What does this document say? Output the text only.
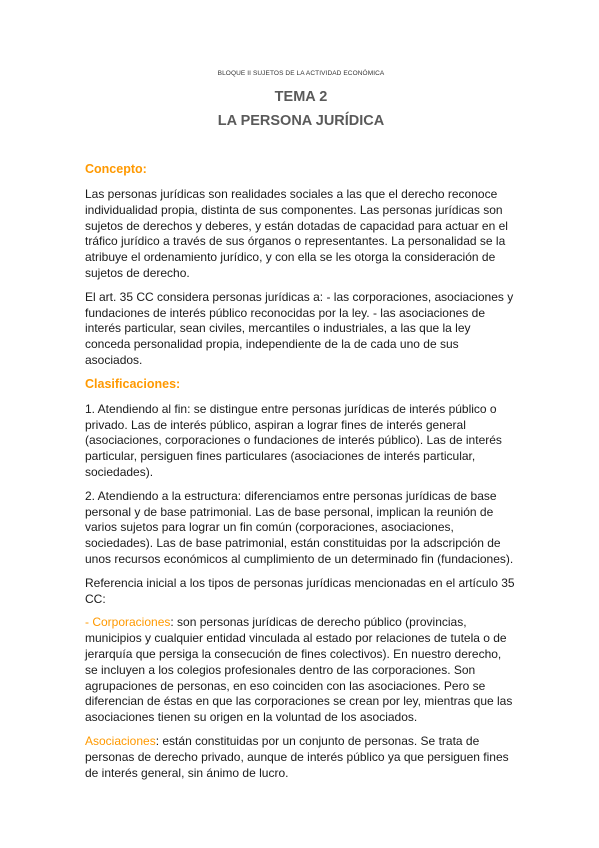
BLOQUE II SUJETOS DE LA ACTIVIDAD ECONÓMICA
TEMA 2
LA PERSONA JURÍDICA
Concepto:

Las personas jurídicas son realidades sociales a las que el derecho reconoce individualidad propia, distinta de sus componentes. Las personas jurídicas son sujetos de derechos y deberes, y están dotadas de capacidad para actuar en el tráfico jurídico a través de sus órganos o representantes. La personalidad se la atribuye el ordenamiento jurídico, y con ella se les otorga la consideración de sujetos de derecho.

El art. 35 CC considera personas jurídicas a: - las corporaciones, asociaciones y fundaciones de interés público reconocidas por la ley. - las asociaciones de interés particular, sean civiles, mercantiles o industriales, a las que la ley conceda personalidad propia, independiente de la de cada uno de sus asociados.

Clasificaciones:

1. Atendiendo al fin: se distingue entre personas jurídicas de interés público o privado. Las de interés público, aspiran a lograr fines de interés general (asociaciones, corporaciones o fundaciones de interés público). Las de interés particular, persiguen fines particulares (asociaciones de interés particular, sociedades).

2. Atendiendo a la estructura: diferenciamos entre personas jurídicas de base personal y de base patrimonial. Las de base personal, implican la reunión de varios sujetos para lograr un fin común (corporaciones, asociaciones, sociedades). Las de base patrimonial, están constituidas por la adscripción de unos recursos económicos al cumplimiento de un determinado fin (fundaciones).

Referencia inicial a los tipos de personas jurídicas mencionadas en el artículo 35 CC:

- Corporaciones: son personas jurídicas de derecho público (provincias, municipios y cualquier entidad vinculada al estado por relaciones de tutela o de jerarquía que persiga la consecución de fines colectivos). En nuestro derecho, se incluyen a los colegios profesionales dentro de las corporaciones. Son agrupaciones de personas, en eso coinciden con las asociaciones. Pero se diferencian de éstas en que las corporaciones se crean por ley, mientras que las asociaciones tienen su origen en la voluntad de los asociados.

Asociaciones: están constituidas por un conjunto de personas. Se trata de personas de derecho privado, aunque de interés público ya que persiguen fines de interés general, sin ánimo de lucro.
